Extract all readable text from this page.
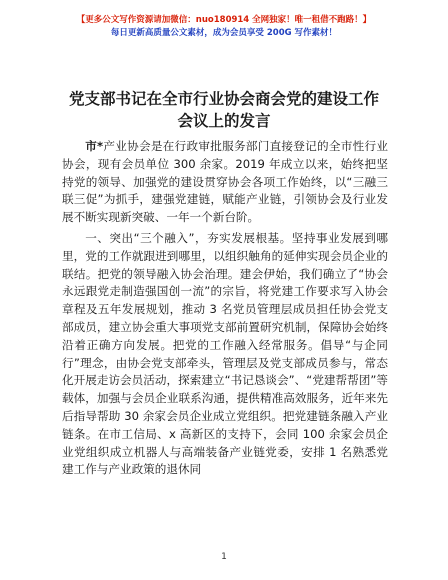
【更多公文写作资源请加微信：nuo180914 全网独家！唯一租借不跑路！】
每日更新高质量公文素材，成为会员享受 200G 写作素材！
党支部书记在全市行业协会商会党的建设工作
会议上的发言

市*产业协会是在行政审批服务部门直接登记的全市性行业协会，现有会员单位 300 余家。2019 年成立以来，始终把坚持党的领导、加强党的建设贯穿协会各项工作始终，以“三融三联三促”为抓手，建强党建链，赋能产业链，引领协会及行业发展不断实现新突破、一年一个新台阶。

一、突出“三个融入”，夯实发展根基。坚持事业发展到哪里，党的工作就跟进到哪里，以组织触角的延伸实现会员企业的联结。把党的领导融入协会治理。建会伊始，我们确立了“协会永远跟党走制造强国创一流”的宗旨，将党建工作要求写入协会章程及五年发展规划，推动 3 名党员管理层成员担任协会党支部成员，建立协会重大事项党支部前置研究机制，保障协会始终沿着正确方向发展。把党的工作融入经常服务。倡导“与企同行”理念，由协会党支部牵头，管理层及党支部成员参与，常态化开展走访会员活动，探索建立“书记恳谈会”、“党建帮帮团”等载体，加强与会员企业联系沟通，提供精准高效服务，近年来先后指导帮助 30 余家会员企业成立党组织。把党建链条融入产业链条。在市工信局、x 高新区的支持下，会同 100 余家会员企业党组织成立机器人与高端装备产业链党委，安排 1 名熟悉党建工作与产业政策的退休同

1
